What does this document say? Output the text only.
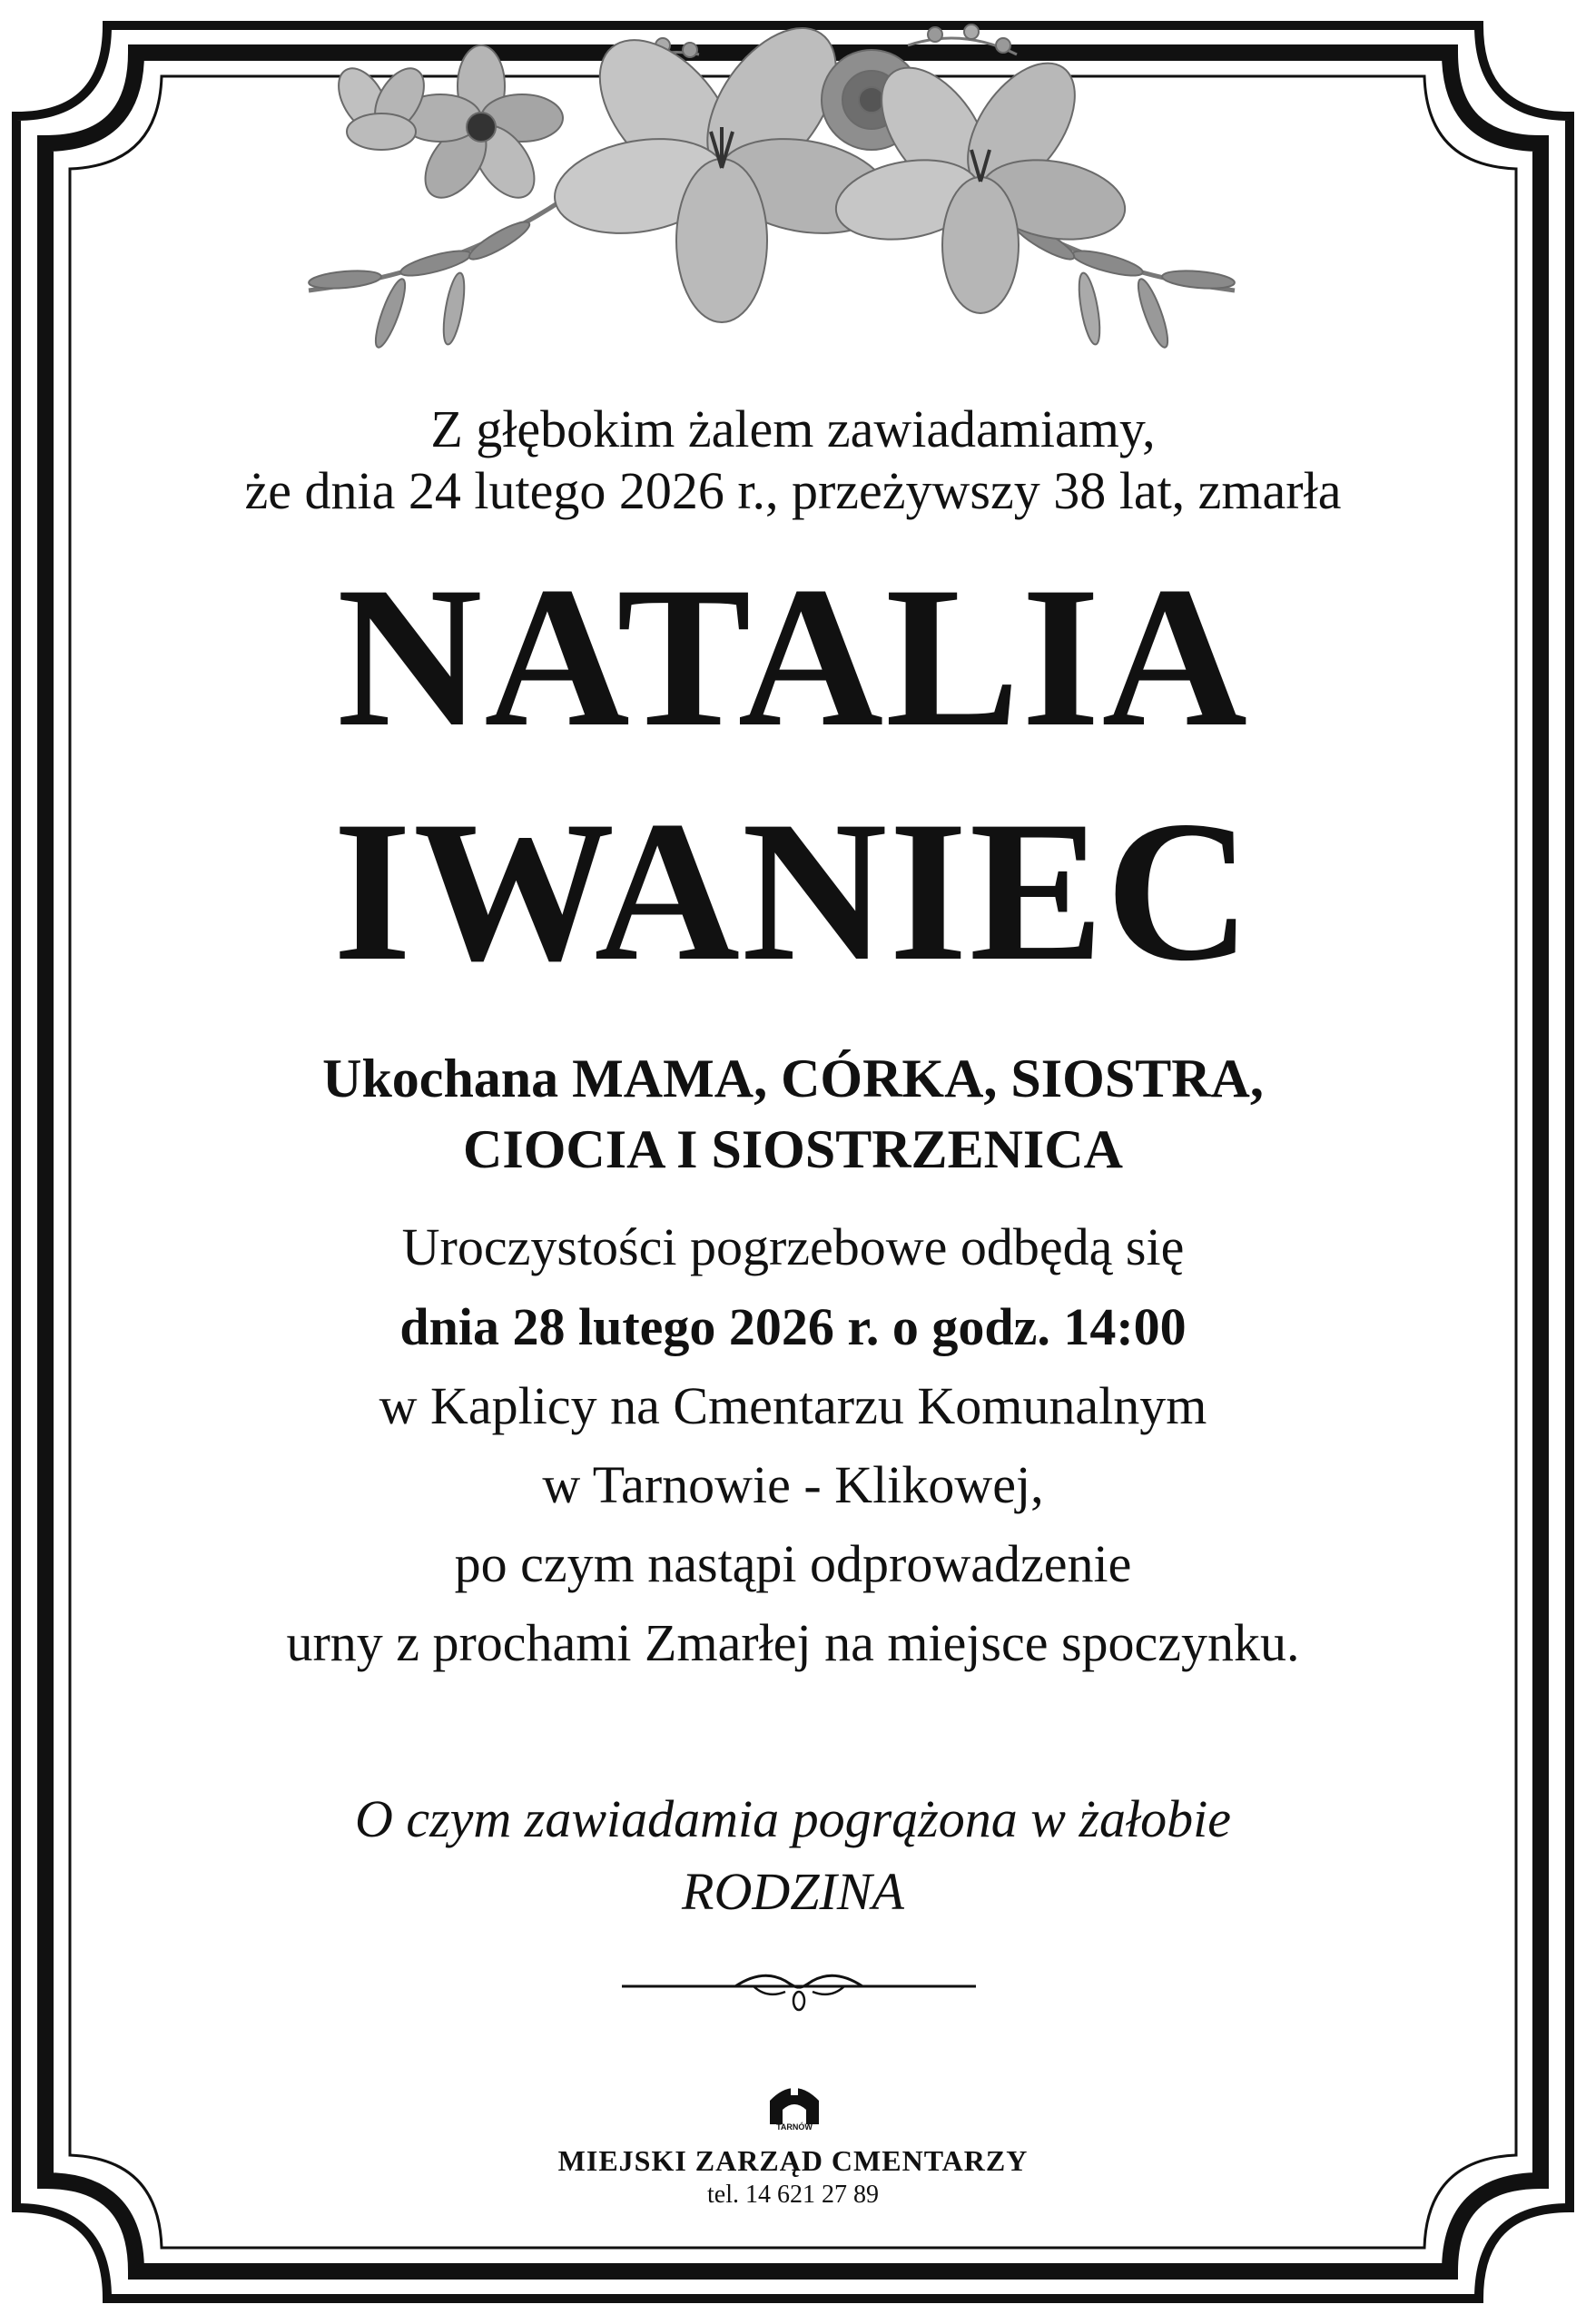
Z głębokim żalem zawiadamiamy,
że dnia 24 lutego 2026 r., przeżywszy 38 lat, zmarła
NATALIA
IWANIEC
Ukochana MAMA, CÓRKA, SIOSTRA,
CIOCIA I SIOSTRZENICA
Uroczystości pogrzebowe odbędą się
dnia 28 lutego 2026 r. o godz. 14:00
w Kaplicy na Cmentarzu Komunalnym
w Tarnowie - Klikowej,
po czym nastąpi odprowadzenie
urny z prochami Zmarłej na miejsce spoczynku.
O czym zawiadamia pogrążona w żałobie
RODZINA
TARNÓW
MIEJSKI ZARZĄD CMENTARZY
tel. 14 621 27 89
